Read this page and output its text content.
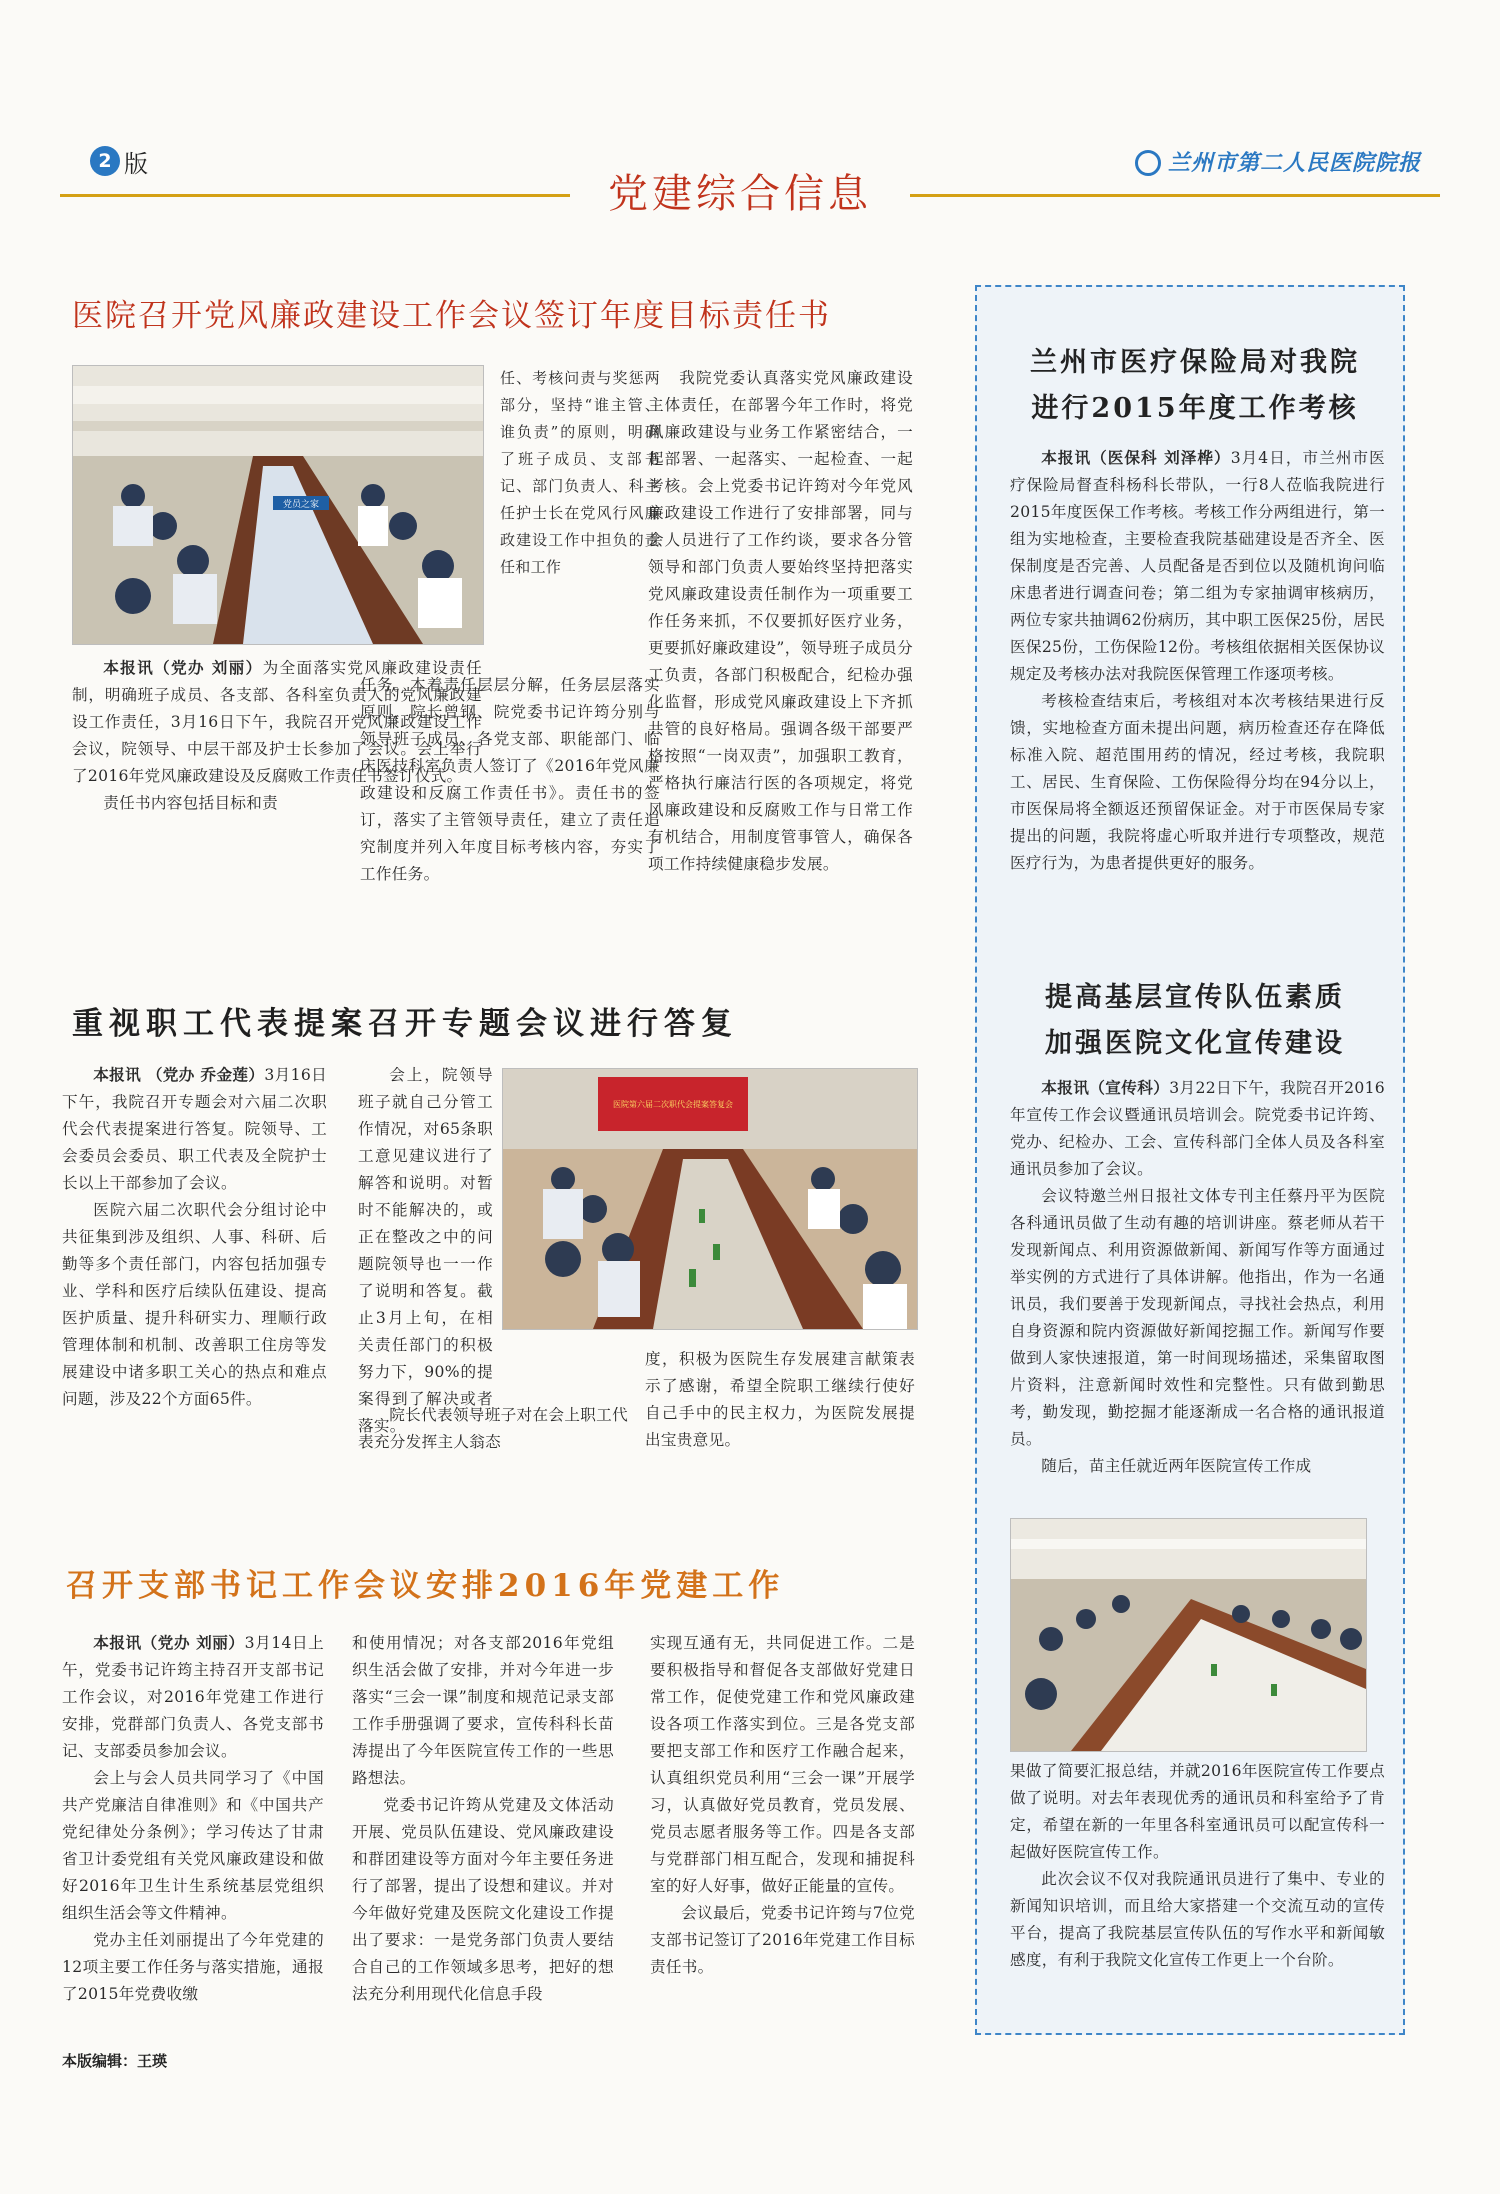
2 版	兰州市第二人民医院院报
党建综合信息
医院召开党风廉政建设工作会议签订年度目标责任书
党员之家

本报讯（党办 刘丽）为全面落实党风廉政建设责任制，明确班子成员、各支部、各科室负责人的党风廉政建设工作责任，3月16日下午，我院召开党风廉政建设工作会议，院领导、中层干部及护士长参加了会议。会上举行了2016年党风廉政建设及反腐败工作责任书签订仪式。

责任书内容包括目标和责

任、考核问责与奖惩两部分，坚持“谁主管、谁负责”的原则，明确了班子成员、支部书记、部门负责人、科主任护士长在党风行风廉政建设工作中担负的责任和工作

任务。本着责任层层分解，任务层层落实原则，院长曾钢、院党委书记许筠分别与领导班子成员、各党支部、职能部门、临床医技科室负责人签订了《2016年党风廉政建设和反腐工作责任书》。责任书的签订，落实了主管领导责任，建立了责任追究制度并列入年度目标考核内容，夯实了工作任务。

我院党委认真落实党风廉政建设主体责任，在部署今年工作时，将党风廉政建设与业务工作紧密结合，一起部署、一起落实、一起检查、一起考核。会上党委书记许筠对今年党风廉政建设工作进行了安排部署，同与会人员进行了工作约谈，要求各分管领导和部门负责人要始终坚持把落实党风廉政建设责任制作为一项重要工作任务来抓，不仅要抓好医疗业务，更要抓好廉政建设”，领导班子成员分工负责，各部门积极配合，纪检办强化监督，形成党风廉政建设上下齐抓共管的良好格局。强调各级干部要严格按照“一岗双责”，加强职工教育，严格执行廉洁行医的各项规定，将党风廉政建设和反腐败工作与日常工作有机结合，用制度管事管人，确保各项工作持续健康稳步发展。

重视职工代表提案召开专题会议进行答复

本报讯 （党办 乔金莲）3月16日下午，我院召开专题会对六届二次职代会代表提案进行答复。院领导、工会委员会委员、职工代表及全院护士长以上干部参加了会议。

医院六届二次职代会分组讨论中共征集到涉及组织、人事、科研、后勤等多个责任部门，内容包括加强专业、学科和医疗后续队伍建设、提高医护质量、提升科研实力、理顺行政管理体制和机制、改善职工住房等发展建设中诸多职工关心的热点和难点问题，涉及22个方面65件。

会上，院领导班子就自己分管工作情况，对65条职工意见建议进行了解答和说明。对暂时不能解决的，或正在整改之中的问题院领导也一一作了说明和答复。截止3月上旬，在相关责任部门的积极努力下，90%的提案得到了解决或者落实。

院长代表领导班子对在会上职工代表充分发挥主人翁态

医院第六届二次职代会提案答复会

度，积极为医院生存发展建言献策表示了感谢，希望全院职工继续行使好自己手中的民主权力，为医院发展提出宝贵意见。

召开支部书记工作会议安排2016年党建工作

本报讯（党办 刘丽）3月14日上午，党委书记许筠主持召开支部书记工作会议，对2016年党建工作进行安排，党群部门负责人、各党支部书记、支部委员参加会议。

会上与会人员共同学习了《中国共产党廉洁自律准则》和《中国共产党纪律处分条例》；学习传达了甘肃省卫计委党组有关党风廉政建设和做好2016年卫生计生系统基层党组织组织生活会等文件精神。

党办主任刘丽提出了今年党建的12项主要工作任务与落实措施，通报了2015年党费收缴

和使用情况；对各支部2016年党组织生活会做了安排，并对今年进一步落实“三会一课”制度和规范记录支部工作手册强调了要求，宣传科科长苗涛提出了今年医院宣传工作的一些思路想法。

党委书记许筠从党建及文体活动开展、党员队伍建设、党风廉政建设和群团建设等方面对今年主要任务进行了部署，提出了设想和建议。并对今年做好党建及医院文化建设工作提出了要求：一是党务部门负责人要结合自己的工作领域多思考，把好的想法充分利用现代化信息手段

实现互通有无，共同促进工作。二是要积极指导和督促各支部做好党建日常工作，促使党建工作和党风廉政建设各项工作落实到位。三是各党支部要把支部工作和医疗工作融合起来，认真组织党员利用“三会一课”开展学习，认真做好党员教育，党员发展、党员志愿者服务等工作。四是各支部与党群部门相互配合，发现和捕捉科室的好人好事，做好正能量的宣传。

会议最后，党委书记许筠与7位党支部书记签订了2016年党建工作目标责任书。

兰州市医疗保险局对我院
进行2015年度工作考核

本报讯（医保科 刘泽桦）3月4日，市兰州市医疗保险局督查科杨科长带队，一行8人莅临我院进行2015年度医保工作考核。考核工作分两组进行，第一组为实地检查，主要检查我院基础建设是否齐全、医保制度是否完善、人员配备是否到位以及随机询问临床患者进行调查问卷；第二组为专家抽调审核病历，两位专家共抽调62份病历，其中职工医保25份，居民医保25份，工伤保险12份。考核组依据相关医保协议规定及考核办法对我院医保管理工作逐项考核。

考核检查结束后，考核组对本次考核结果进行反馈，实地检查方面未提出问题，病历检查还存在降低标准入院、超范围用药的情况，经过考核，我院职工、居民、生育保险、工伤保险得分均在94分以上，市医保局将全额返还预留保证金。对于市医保局专家提出的问题，我院将虚心听取并进行专项整改，规范医疗行为，为患者提供更好的服务。

提高基层宣传队伍素质
加强医院文化宣传建设

本报讯（宣传科）3月22日下午，我院召开2016年宣传工作会议暨通讯员培训会。院党委书记许筠、党办、纪检办、工会、宣传科部门全体人员及各科室通讯员参加了会议。

会议特邀兰州日报社文体专刊主任蔡丹平为医院各科通讯员做了生动有趣的培训讲座。蔡老师从若干发现新闻点、利用资源做新闻、新闻写作等方面通过举实例的方式进行了具体讲解。他指出，作为一名通讯员，我们要善于发现新闻点，寻找社会热点，利用自身资源和院内资源做好新闻挖掘工作。新闻写作要做到人家快速报道，第一时间现场描述，采集留取图片资料，注意新闻时效性和完整性。只有做到勤思考，勤发现，勤挖掘才能逐渐成一名合格的通讯报道员。

随后，苗主任就近两年医院宣传工作成

果做了简要汇报总结，并就2016年医院宣传工作要点做了说明。对去年表现优秀的通讯员和科室给予了肯定，希望在新的一年里各科室通讯员可以配宣传科一起做好医院宣传工作。

此次会议不仅对我院通讯员进行了集中、专业的新闻知识培训，而且给大家搭建一个交流互动的宣传平台，提高了我院基层宣传队伍的写作水平和新闻敏感度，有利于我院文化宣传工作更上一个台阶。

本版编辑：王瑛
